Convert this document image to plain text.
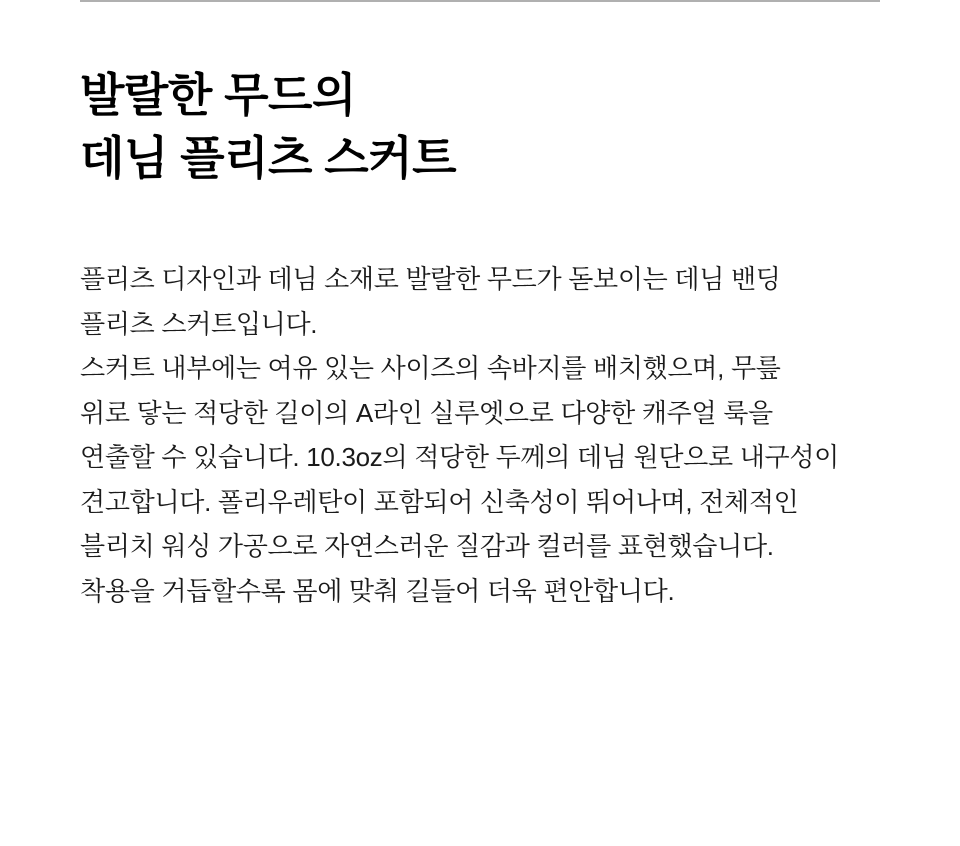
발랄한 무드의
데님 플리츠 스커트

플리츠 디자인과 데님 소재로 발랄한 무드가 돋보이는 데님 밴딩
플리츠 스커트입니다.
스커트 내부에는 여유 있는 사이즈의 속바지를 배치했으며, 무릎
위로 닿는 적당한 길이의 A라인 실루엣으로 다양한 캐주얼 룩을
연출할 수 있습니다. 10.3oz의 적당한 두께의 데님 원단으로 내구성이
견고합니다. 폴리우레탄이 포함되어 신축성이 뛰어나며, 전체적인
블리치 워싱 가공으로 자연스러운 질감과 컬러를 표현했습니다.
착용을 거듭할수록 몸에 맞춰 길들어 더욱 편안합니다.
